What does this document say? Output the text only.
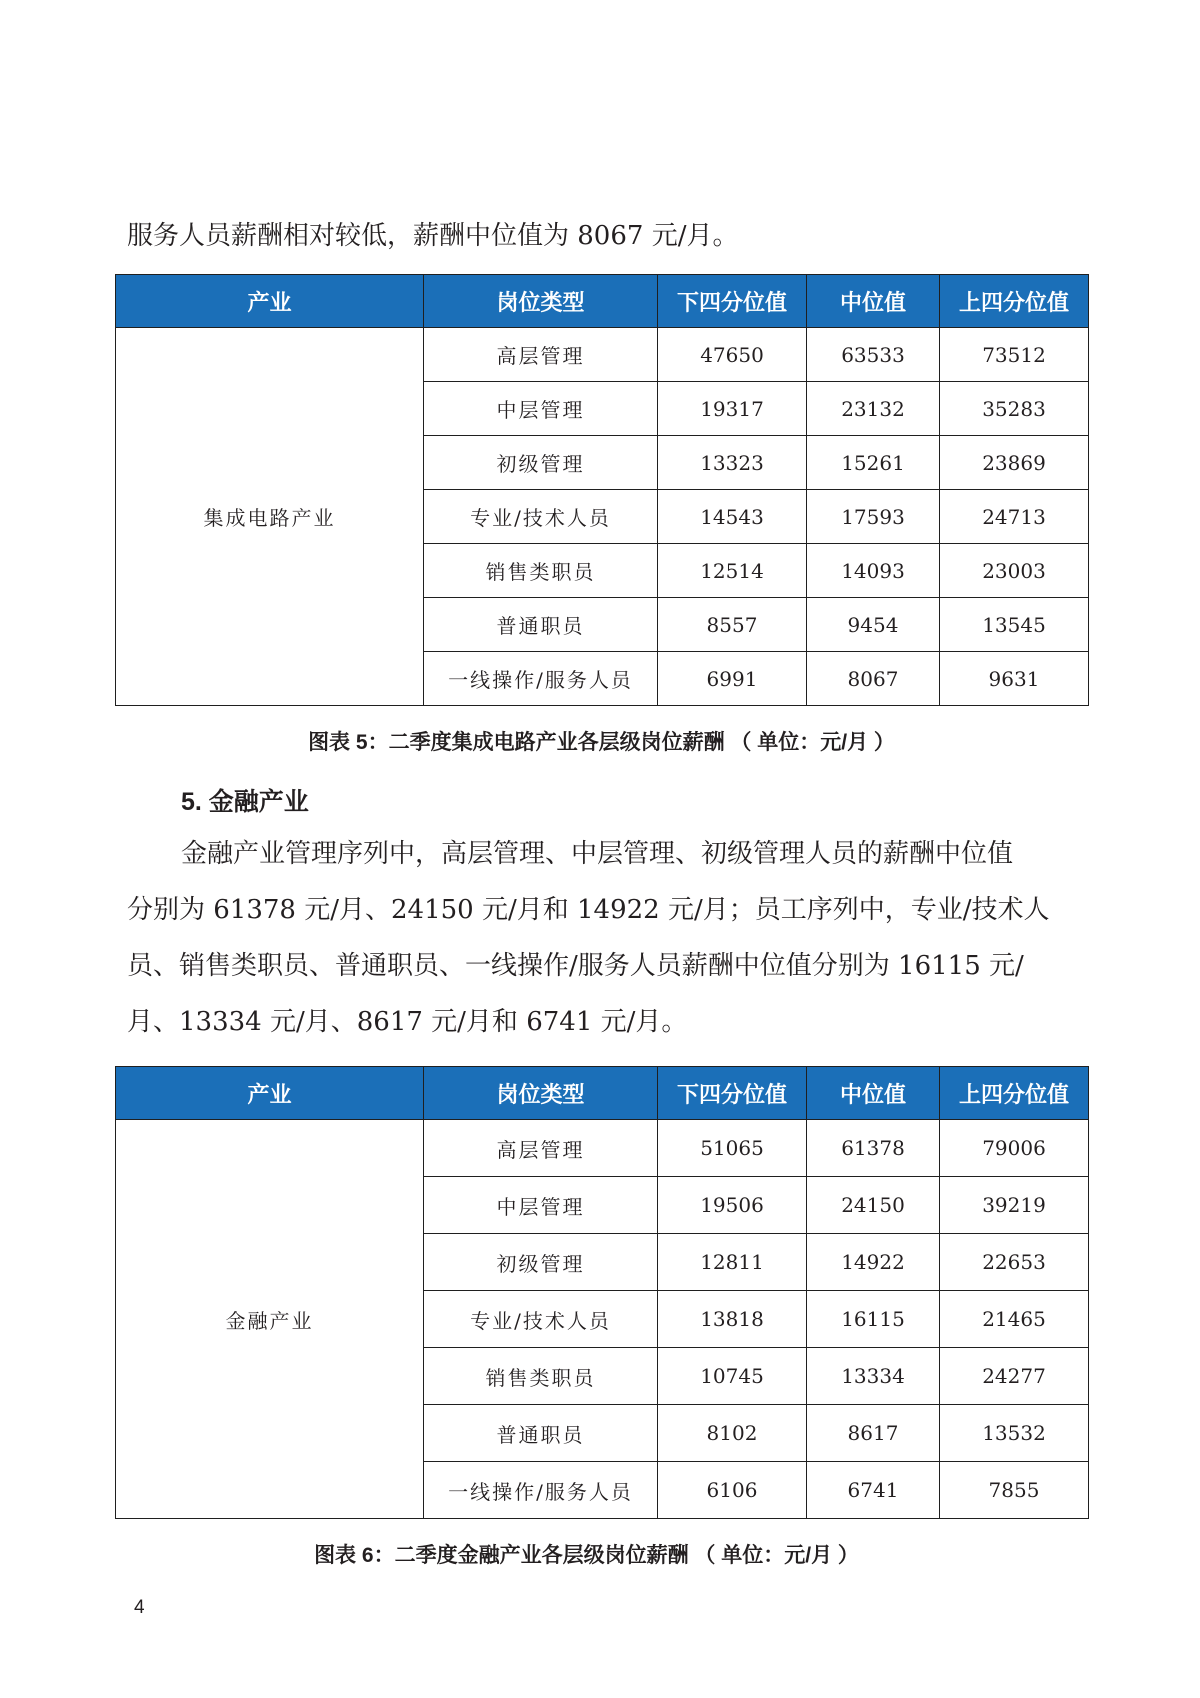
服务人员薪酬相对较低，薪酬中位值为 8067 元/月。

产业	岗位类型	下四分位值	中位值	上四分位值
集成电路产业	高层管理	47650	63533	73512
	中层管理	19317	23132	35283
	初级管理	13323	15261	23869
	专业/技术人员	14543	17593	24713
	销售类职员	12514	14093	23003
	普通职员	8557	9454	13545
	一线操作/服务人员	6991	8067	9631

图表 5：二季度集成电路产业各层级岗位薪酬 （ 单位：元/月 ）

5. 金融产业

金融产业管理序列中，高层管理、中层管理、初级管理人员的薪酬中位值
分别为 61378 元/月、24150 元/月和 14922 元/月；员工序列中，专业/技术人
员、销售类职员、普通职员、一线操作/服务人员薪酬中位值分别为 16115 元/
月、13334 元/月、8617 元/月和 6741 元/月。

产业	岗位类型	下四分位值	中位值	上四分位值
金融产业	高层管理	51065	61378	79006
	中层管理	19506	24150	39219
	初级管理	12811	14922	22653
	专业/技术人员	13818	16115	21465
	销售类职员	10745	13334	24277
	普通职员	8102	8617	13532
	一线操作/服务人员	6106	6741	7855

图表 6：二季度金融产业各层级岗位薪酬 （ 单位：元/月 ）

4
